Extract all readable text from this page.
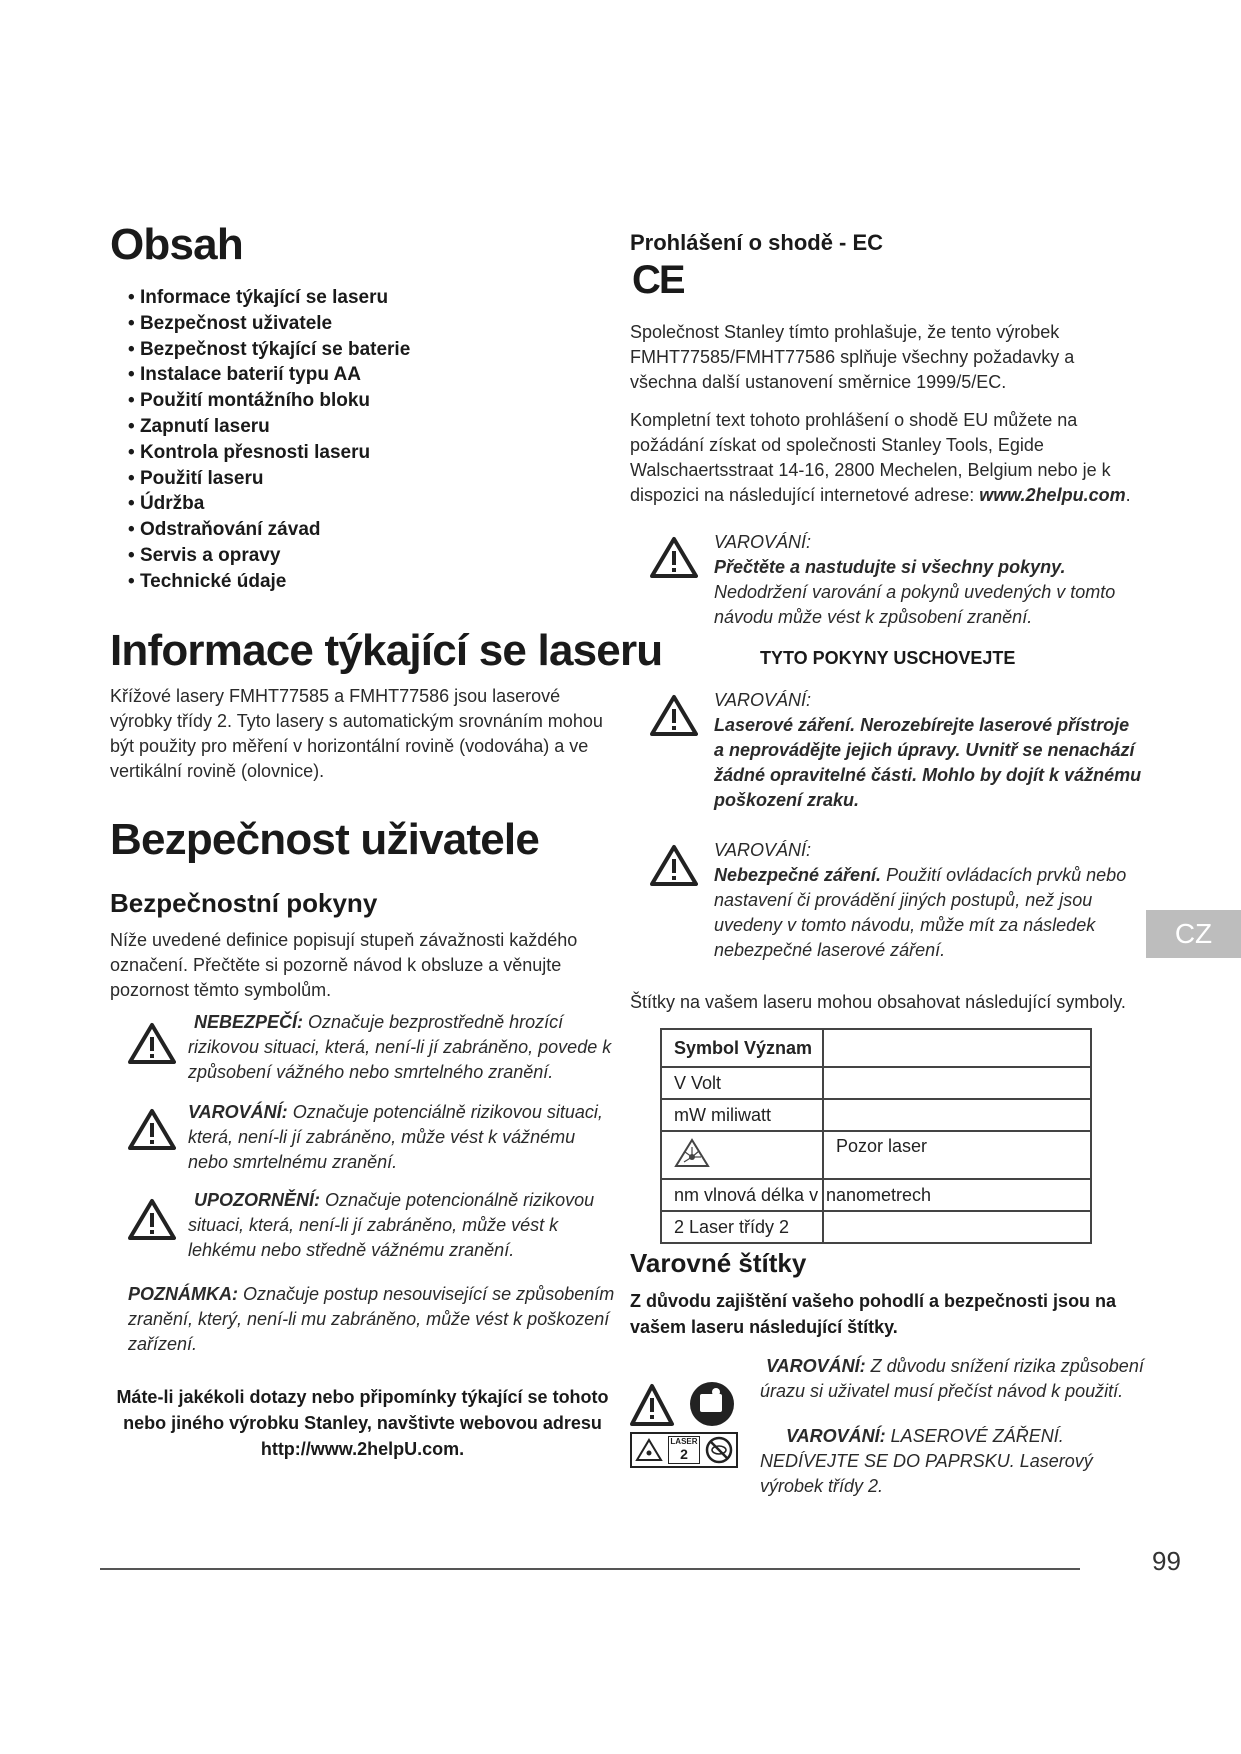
Obsah
• Informace týkající se laseru
• Bezpečnost uživatele
• Bezpečnost týkající se baterie
• Instalace baterií typu AA
• Použití montážního bloku
• Zapnutí laseru
• Kontrola přesnosti laseru
• Použití laseru
• Údržba
• Odstraňování závad
• Servis a opravy
• Technické údaje
Informace týkající se laseru

Křížové lasery FMHT77585 a FMHT77586 jsou laserové výrobky třídy 2. Tyto lasery s automatickým srovnáním mohou být použity pro měření v horizontální rovině (vodováha) a ve vertikální rovině (olovnice).

Bezpečnost uživatele
Bezpečnostní pokyny

Níže uvedené definice popisují stupeň závažnosti každého označení. Přečtěte si pozorně návod k obsluze a věnujte pozornost těmto symbolům.

NEBEZPEČÍ: Označuje bezprostředně hrozící rizikovou situaci, která, není-li jí zabráněno, povede k způsobení vážného nebo smrtelného zranění.

VAROVÁNÍ: Označuje potenciálně rizikovou situaci, která, není-li jí zabráněno, může vést k vážnému nebo smrtelnému zranění.

UPOZORNĚNÍ: Označuje potencionálně rizikovou situaci, která, není-li jí zabráněno, může vést k lehkému nebo středně vážnému zranění.

POZNÁMKA: Označuje postup nesouvisející se způsobením zranění, který, není-li mu zabráněno, může vést k poškození zařízení.

Máte-li jakékoli dotazy nebo připomínky týkající se tohoto
nebo jiného výrobku Stanley, navštivte webovou adresu
http://www.2helpU.com.
Prohlášení o shodě - EC
CE

Společnost Stanley tímto prohlašuje, že tento výrobek FMHT77585/FMHT77586 splňuje všechny požadavky a všechna další ustanovení směrnice 1999/5/EC.

Kompletní text tohoto prohlášení o shodě EU můžete na požádání získat od společnosti Stanley Tools, Egide Walschaertsstraat 14-16, 2800 Mechelen, Belgium nebo je k dispozici na následující internetové adrese: www.2helpu.com.

VAROVÁNÍ:
Přečtěte a nastudujte si všechny pokyny.
Nedodržení varování a pokynů uvedených v tomto návodu může vést k způsobení zranění.
TYTO POKYNY USCHOVEJTE
VAROVÁNÍ:
Laserové záření. Nerozebírejte laserové přístroje a neprovádějte jejich úpravy. Uvnitř se nenachází žádné opravitelné části. Mohlo by dojít k vážnému poškození zraku.
VAROVÁNÍ:
Nebezpečné záření. Použití ovládacích prvků nebo nastavení či provádění jiných postupů, než jsou uvedeny v tomto návodu, může mít za následek nebezpečné laserové záření.

Štítky na vašem laseru mohou obsahovat následující symboly.

Symbol Význam	
V Volt	
mW miliwatt	
	Pozor laser
nm vlnová délka v	nanometrech
2 Laser třídy 2	
Varovné štítky

Z důvodu zajištění vašeho pohodlí a bezpečnosti jsou na vašem laseru následující štítky.

VAROVÁNÍ: Z důvodu snížení rizika způsobení úrazu si uživatel musí přečíst návod k použití.
LASER
2
VAROVÁNÍ: LASEROVÉ ZÁŘENÍ. NEDÍVEJTE SE DO PAPRSKU. Laserový výrobek třídy 2.
CZ
99
